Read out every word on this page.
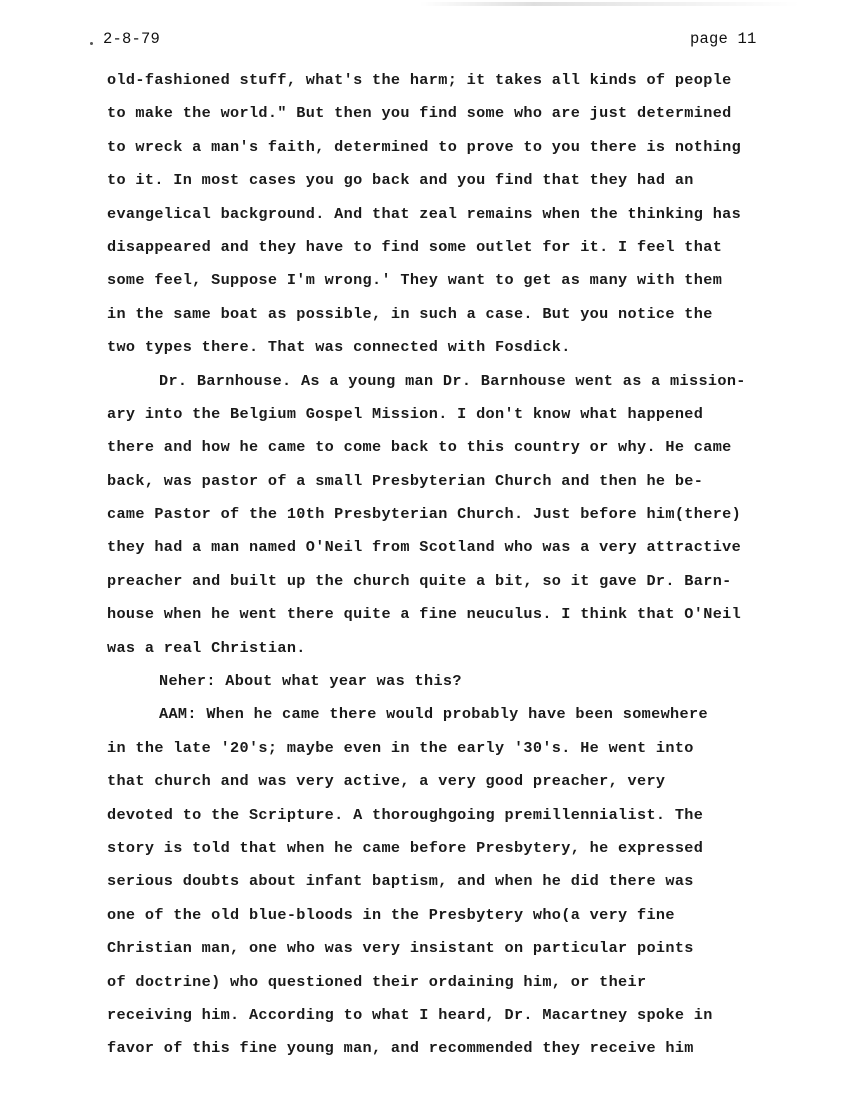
2-8-79	page 11
old-fashioned stuff, what's the harm; it takes all kinds of people
to make the world." But then you find some who are just determined
to wreck a man's faith, determined to prove to you there is nothing
to it. In most cases you go back and you find that they had an
evangelical background. And that zeal remains when the thinking has
disappeared and they have to find some outlet for it. I feel that
some feel, Suppose I'm wrong.' They want to get as many with them
in the same boat as possible, in such a case. But you notice the
two types there. That was connected with Fosdick.
Dr. Barnhouse. As a young man Dr. Barnhouse went as a mission-
ary into the Belgium Gospel Mission. I don't know what happened
there and how he came to come back to this country or why. He came
back, was pastor of a small Presbyterian Church and then he be-
came Pastor of the 10th Presbyterian Church. Just before him(there)
they had a man named O'Neil from Scotland who was a very attractive
preacher and built up the church quite a bit, so it gave Dr. Barn-
house when he went there quite a fine neuculus. I think that O'Neil
was a real Christian.
Neher: About what year was this?
AAM: When he came there would probably have been somewhere
in the late '20's; maybe even in the early '30's. He went into
that church and was very active, a very good preacher, very
devoted to the Scripture. A thoroughgoing premillennialist. The
story is told that when he came before Presbytery, he expressed
serious doubts about infant baptism, and when he did there was
one of the old blue-bloods in the Presbytery who(a very fine
Christian man, one who was very insistant on particular points
of doctrine) who questioned their ordaining him, or their
receiving him. According to what I heard, Dr. Macartney spoke in
favor of this fine young man, and recommended they receive him
